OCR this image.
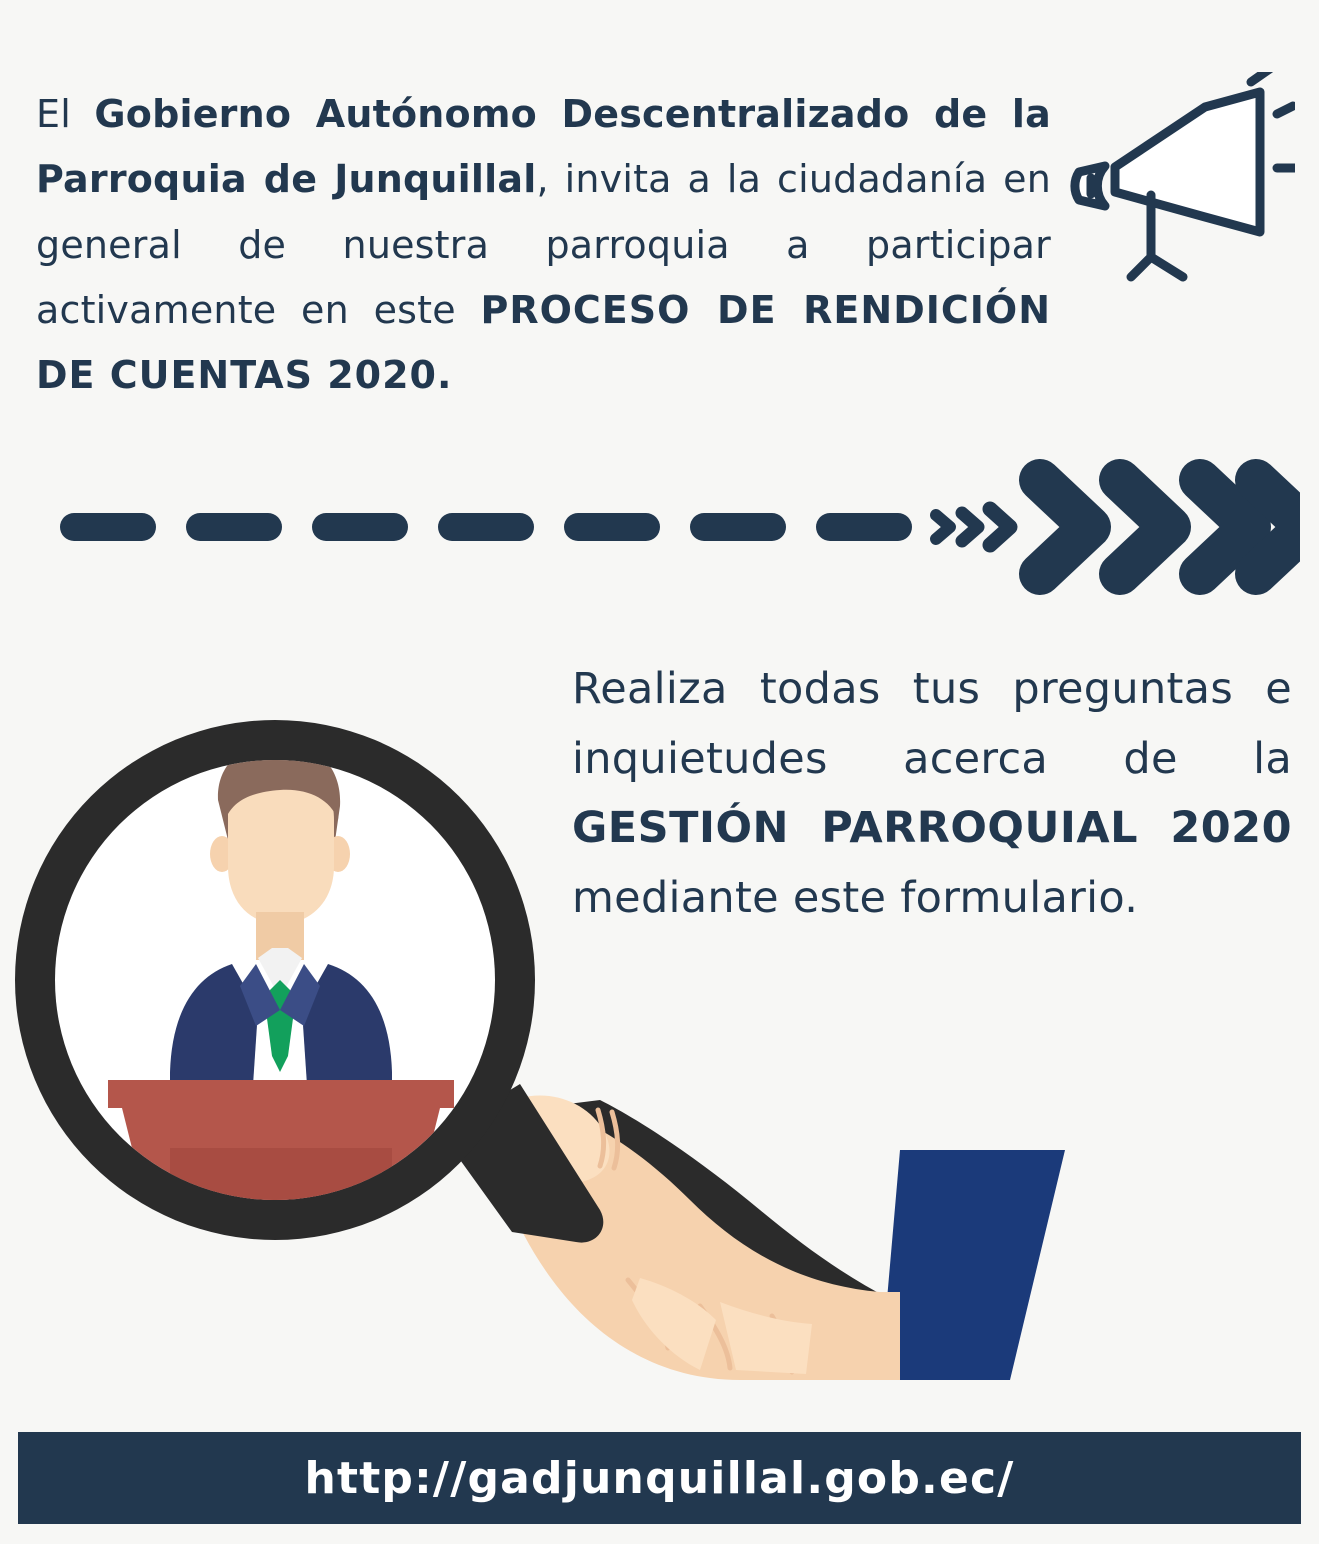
El Gobierno Autónomo Descentralizado de la Parroquia de Junquillal, invita a la ciudadanía en general de nuestra parroquia a participar activamente en este PROCESO DE RENDICIÓN DE CUENTAS 2020.
Realiza todas tus preguntas e inquietudes acerca de la GESTIÓN PARROQUIAL 2020 mediante este formulario.
http://gadjunquillal.gob.ec/
